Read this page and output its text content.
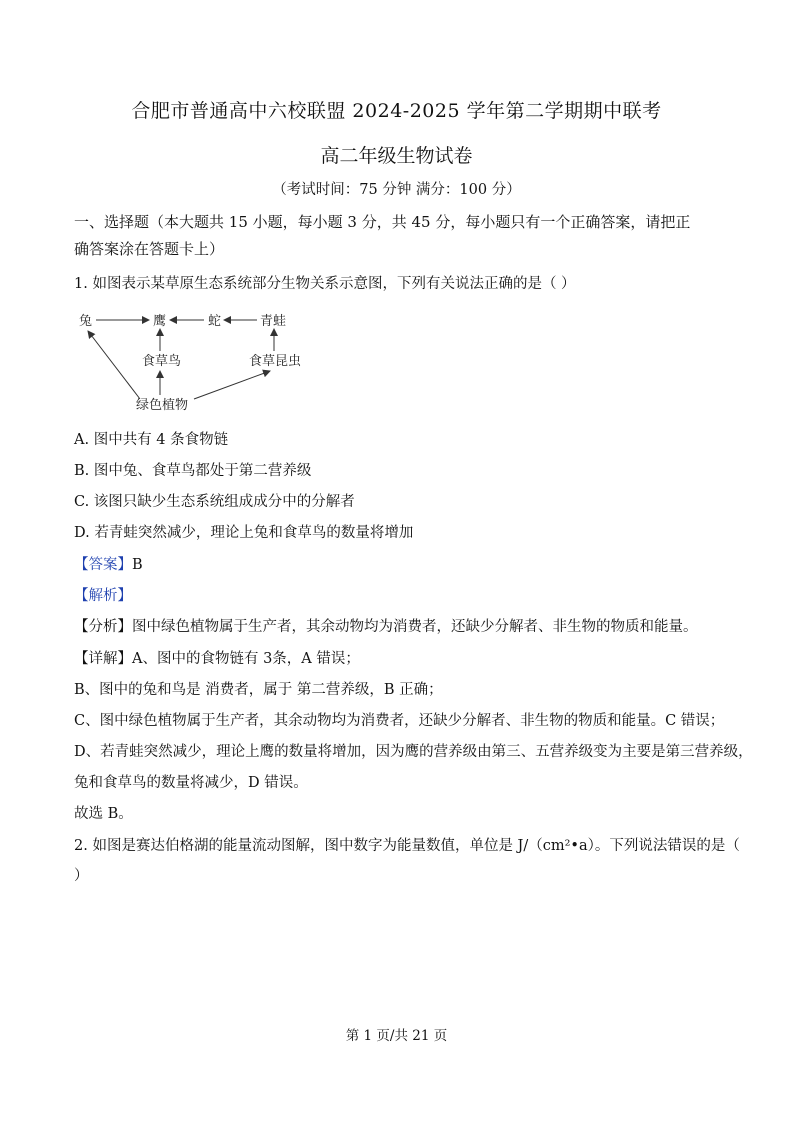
合肥市普通高中六校联盟 2024-2025 学年第二学期期中联考
高二年级生物试卷
（考试时间：75 分钟 满分：100 分）
一、选择题（本大题共 15 小题，每小题 3 分，共 45 分，每小题只有一个正确答案，请把正
确答案涂在答题卡上）
1. 如图表示某草原生态系统部分生物关系示意图，下列有关说法正确的是（ ）
兔	鹰	蛇	青蛙
食草鸟	食草昆虫
绿色植物
A. 图中共有 4 条食物链
B. 图中兔、食草鸟都处于第二营养级
C. 该图只缺少生态系统组成成分中的分解者
D. 若青蛙突然减少，理论上兔和食草鸟的数量将增加
【答案】B
【解析】
【分析】图中绿色植物属于生产者，其余动物均为消费者，还缺少分解者、非生物的物质和能量。
【详解】A、图中的食物链有 3条，A 错误；
B、图中的兔和鸟是 消费者，属于 第二营养级，B 正确；
C、图中绿色植物属于生产者，其余动物均为消费者，还缺少分解者、非生物的物质和能量。C 错误；
D、若青蛙突然减少，理论上鹰的数量将增加，因为鹰的营养级由第三、五营养级变为主要是第三营养级，
兔和食草鸟的数量将减少，D 错误。
故选 B。
2. 如图是赛达伯格湖的能量流动图解，图中数字为能量数值，单位是 J/（cm²•a）。下列说法错误的是（
）
第 1 页/共 21 页
